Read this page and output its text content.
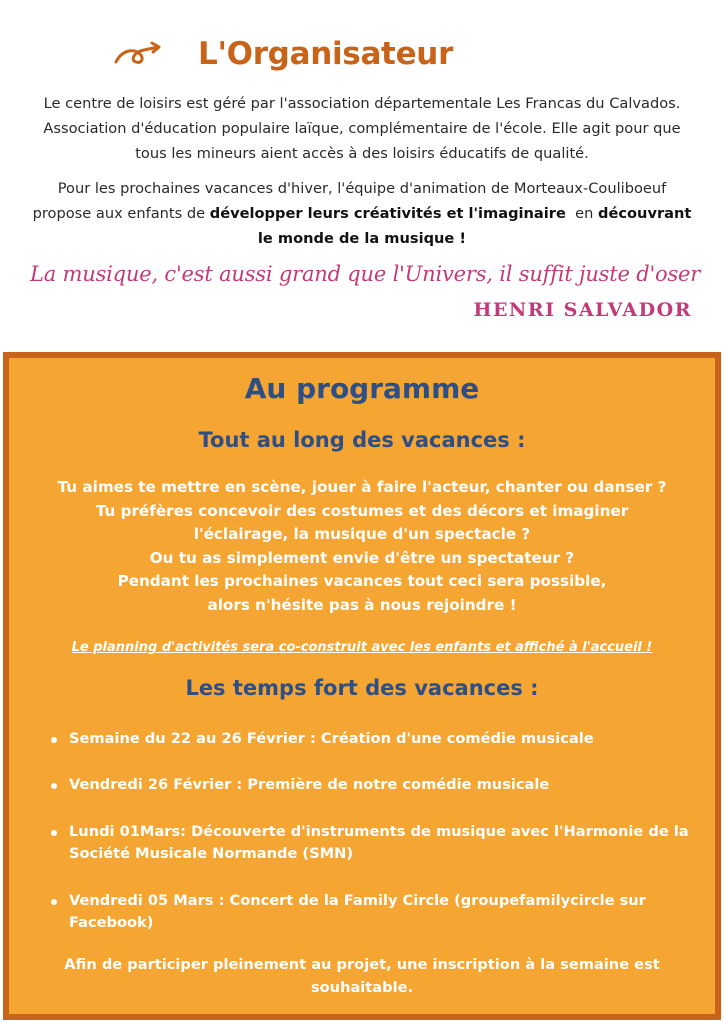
L'Organisateur
Le centre de loisirs est géré par l'association départementale Les Francas du Calvados.
Association d'éducation populaire laïque, complémentaire de l'école. Elle agit pour que
tous les mineurs aient accès à des loisirs éducatifs de qualité.
Pour les prochaines vacances d'hiver, l'équipe d'animation de Morteaux-Couliboeuf
propose aux enfants de développer leurs créativités et l'imaginaire  en découvrant
le monde de la musique !
La musique, c'est aussi grand que l'Univers, il suffit juste d'oser
HENRI SALVADOR
Au programme
Tout au long des vacances :
Tu aimes te mettre en scène, jouer à faire l'acteur, chanter ou danser ?
Tu préfères concevoir des costumes et des décors et imaginer
l'éclairage, la musique d'un spectacle ?
Ou tu as simplement envie d'être un spectateur ?
Pendant les prochaines vacances tout ceci sera possible,
alors n'hésite pas à nous rejoindre !
Le planning d'activités sera co-construit avec les enfants et affiché à l'accueil !
Les temps fort des vacances :
Semaine du 22 au 26 Février : Création d'une comédie musicale
Vendredi 26 Février : Première de notre comédie musicale
Lundi 01Mars: Découverte d'instruments de musique avec l'Harmonie de la Société Musicale Normande (SMN)
Vendredi 05 Mars : Concert de la Family Circle (groupefamilycircle sur Facebook)
Afin de participer pleinement au projet, une inscription à la semaine est
souhaitable.
